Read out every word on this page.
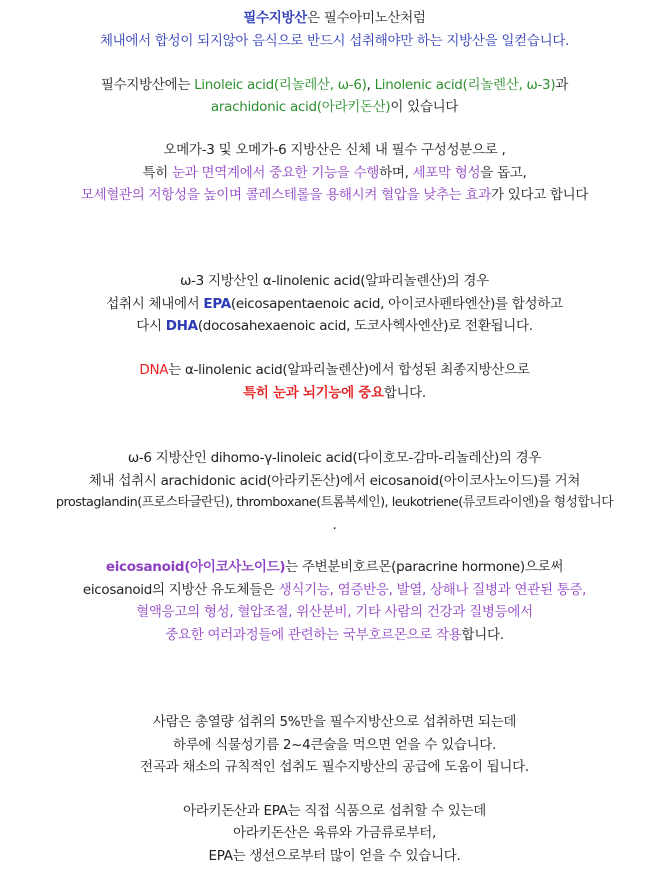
필수지방산은 필수아미노산처럼
체내에서 합성이 되지않아 음식으로 반드시 섭취해야만 하는 지방산을 일컫습니다.
필수지방산에는 Linoleic acid(리놀레산, ω-6), Linolenic acid(리놀렌산, ω-3)과
arachidonic acid(아라키돈산)이 있습니다
오메가-3 및 오메가-6 지방산은 신체 내 필수 구성성분으로 ,
특히 눈과 면역계에서 중요한 기능을 수행하며, 세포막 형성을 돕고,
모세혈관의 저항성을 높이며 콜레스테롤을 용해시켜 혈압을 낮추는 효과가 있다고 합니다
ω-3 지방산인 α-linolenic acid(알파리놀렌산)의 경우
섭취시 체내에서 EPA(eicosapentaenoic acid, 아이코사펜타엔산)를 합성하고
다시 DHA(docosahexaenoic acid, 도코사헥사엔산)로 전환됩니다.
DNA는 α-linolenic acid(알파리놀렌산)에서 합성된 최종지방산으로
특히 눈과 뇌기능에 중요합니다.
ω-6 지방산인 dihomo-γ-linoleic acid(다이호모-감마-리놀레산)의 경우
체내 섭취시 arachidonic acid(아라키돈산)에서 eicosanoid(아이코사노이드)를 거쳐
prostaglandin(프로스타글란딘), thromboxane(트롬복세인), leukotriene(류코트라이엔)을 형성합니다
.
eicosanoid(아이코사노이드)는 주변분비호르몬(paracrine hormone)으로써
eicosanoid의 지방산 유도체들은 생식기능, 염증반응, 발열, 상해나 질병과 연관된 통증,
혈액응고의 형성, 혈압조절, 위산분비, 기타 사람의 건강과 질병등에서
중요한 여러과정들에 관련하는 국부호르몬으로 작용합니다.
사람은 총열량 섭취의 5%만을 필수지방산으로 섭취하면 되는데
하루에 식물성기름 2~4큰술을 먹으면 얻을 수 있습니다.
전곡과 채소의 규칙적인 섭취도 필수지방산의 공급에 도움이 됩니다.
아라키돈산과 EPA는 직접 식품으로 섭취할 수 있는데
아라키돈산은 육류와 가금류로부터,
EPA는 생선으로부터 많이 얻을 수 있습니다.
